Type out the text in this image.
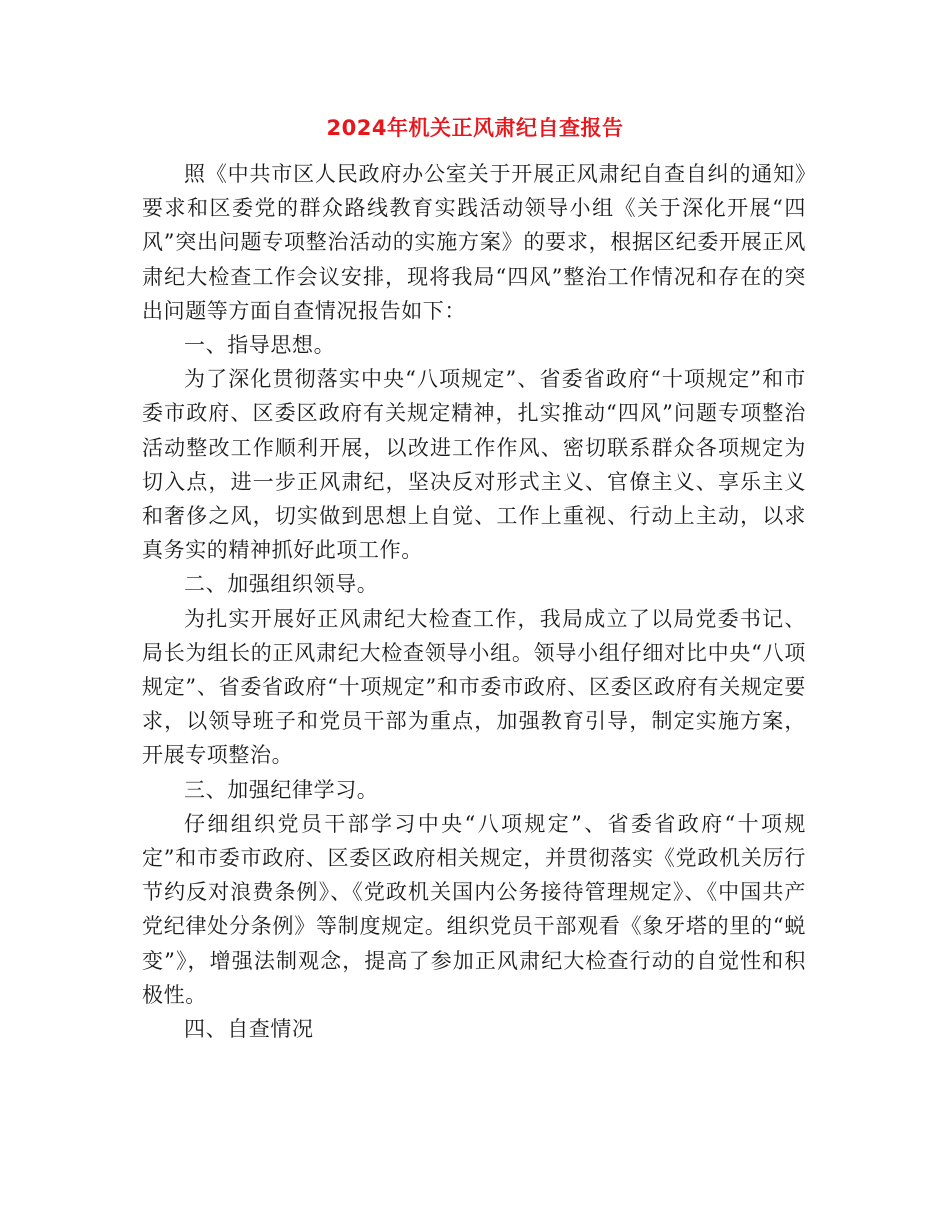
2024年机关正风肃纪自查报告

照《中共市区人民政府办公室关于开展正风肃纪自查自纠的通知》要求和区委党的群众路线教育实践活动领导小组《关于深化开展“四风”突出问题专项整治活动的实施方案》的要求，根据区纪委开展正风肃纪大检查工作会议安排，现将我局“四风”整治工作情况和存在的突出问题等方面自查情况报告如下：

一、指导思想。

为了深化贯彻落实中央“八项规定”、省委省政府“十项规定”和市委市政府、区委区政府有关规定精神，扎实推动“四风”问题专项整治活动整改工作顺利开展，以改进工作作风、密切联系群众各项规定为切入点，进一步正风肃纪，坚决反对形式主义、官僚主义、享乐主义和奢侈之风，切实做到思想上自觉、工作上重视、行动上主动，以求真务实的精神抓好此项工作。

二、加强组织领导。

为扎实开展好正风肃纪大检查工作，我局成立了以局党委书记、局长为组长的正风肃纪大检查领导小组。领导小组仔细对比中央“八项规定”、省委省政府“十项规定”和市委市政府、区委区政府有关规定要求，以领导班子和党员干部为重点，加强教育引导，制定实施方案，开展专项整治。

三、加强纪律学习。

仔细组织党员干部学习中央“八项规定”、省委省政府“十项规定”和市委市政府、区委区政府相关规定，并贯彻落实《党政机关厉行节约反对浪费条例》、《党政机关国内公务接待管理规定》、《中国共产党纪律处分条例》等制度规定。组织党员干部观看《象牙塔的里的“蜕变”》，增强法制观念，提高了参加正风肃纪大检查行动的自觉性和积极性。

四、自查情况
